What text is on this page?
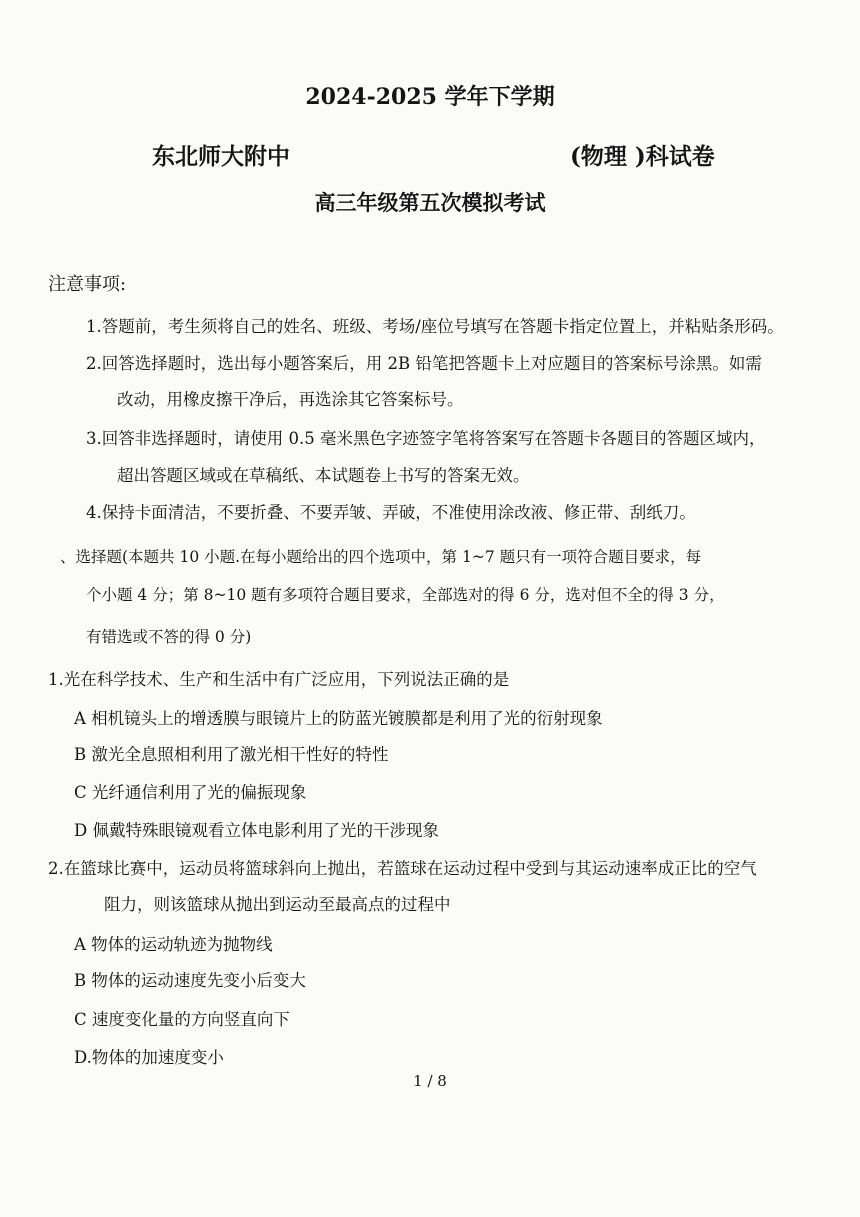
2024-2025 学年下学期
东北师大附中	(物理 )科试卷
高三年级第五次模拟考试
注意事项:
1.答题前，考生须将自己的姓名、班级、考场/座位号填写在答题卡指定位置上，并粘贴条形码。
2.回答选择题时，选出每小题答案后，用 2B 铅笔把答题卡上对应题目的答案标号涂黑。如需
改动，用橡皮擦干净后，再选涂其它答案标号。
3.回答非选择题时，请使用 0.5 毫米黑色字迹签字笔将答案写在答题卡各题目的答题区域内，
超出答题区域或在草稿纸、本试题卷上书写的答案无效。
4.保持卡面清洁，不要折叠、不要弄皱、弄破，不准使用涂改液、修正带、刮纸刀。
、选择题(本题共 10 小题.在每小题给出的四个选项中，第 1~7 题只有一项符合题目要求，每
个小题 4 分；第 8~10 题有多项符合题目要求，全部选对的得 6 分，选对但不全的得 3 分，
有错选或不答的得 0 分)
1.光在科学技术、生产和生活中有广泛应用，下列说法正确的是
A 相机镜头上的增透膜与眼镜片上的防蓝光镀膜都是利用了光的衍射现象
B 激光全息照相利用了激光相干性好的特性
C 光纤通信利用了光的偏振现象
D 佩戴特殊眼镜观看立体电影利用了光的干涉现象
2.在篮球比赛中，运动员将篮球斜向上抛出，若篮球在运动过程中受到与其运动速率成正比的空气
阻力，则该篮球从抛出到运动至最高点的过程中
A 物体的运动轨迹为抛物线
B 物体的运动速度先变小后变大
C 速度变化量的方向竖直向下
D.物体的加速度变小
1 / 8
